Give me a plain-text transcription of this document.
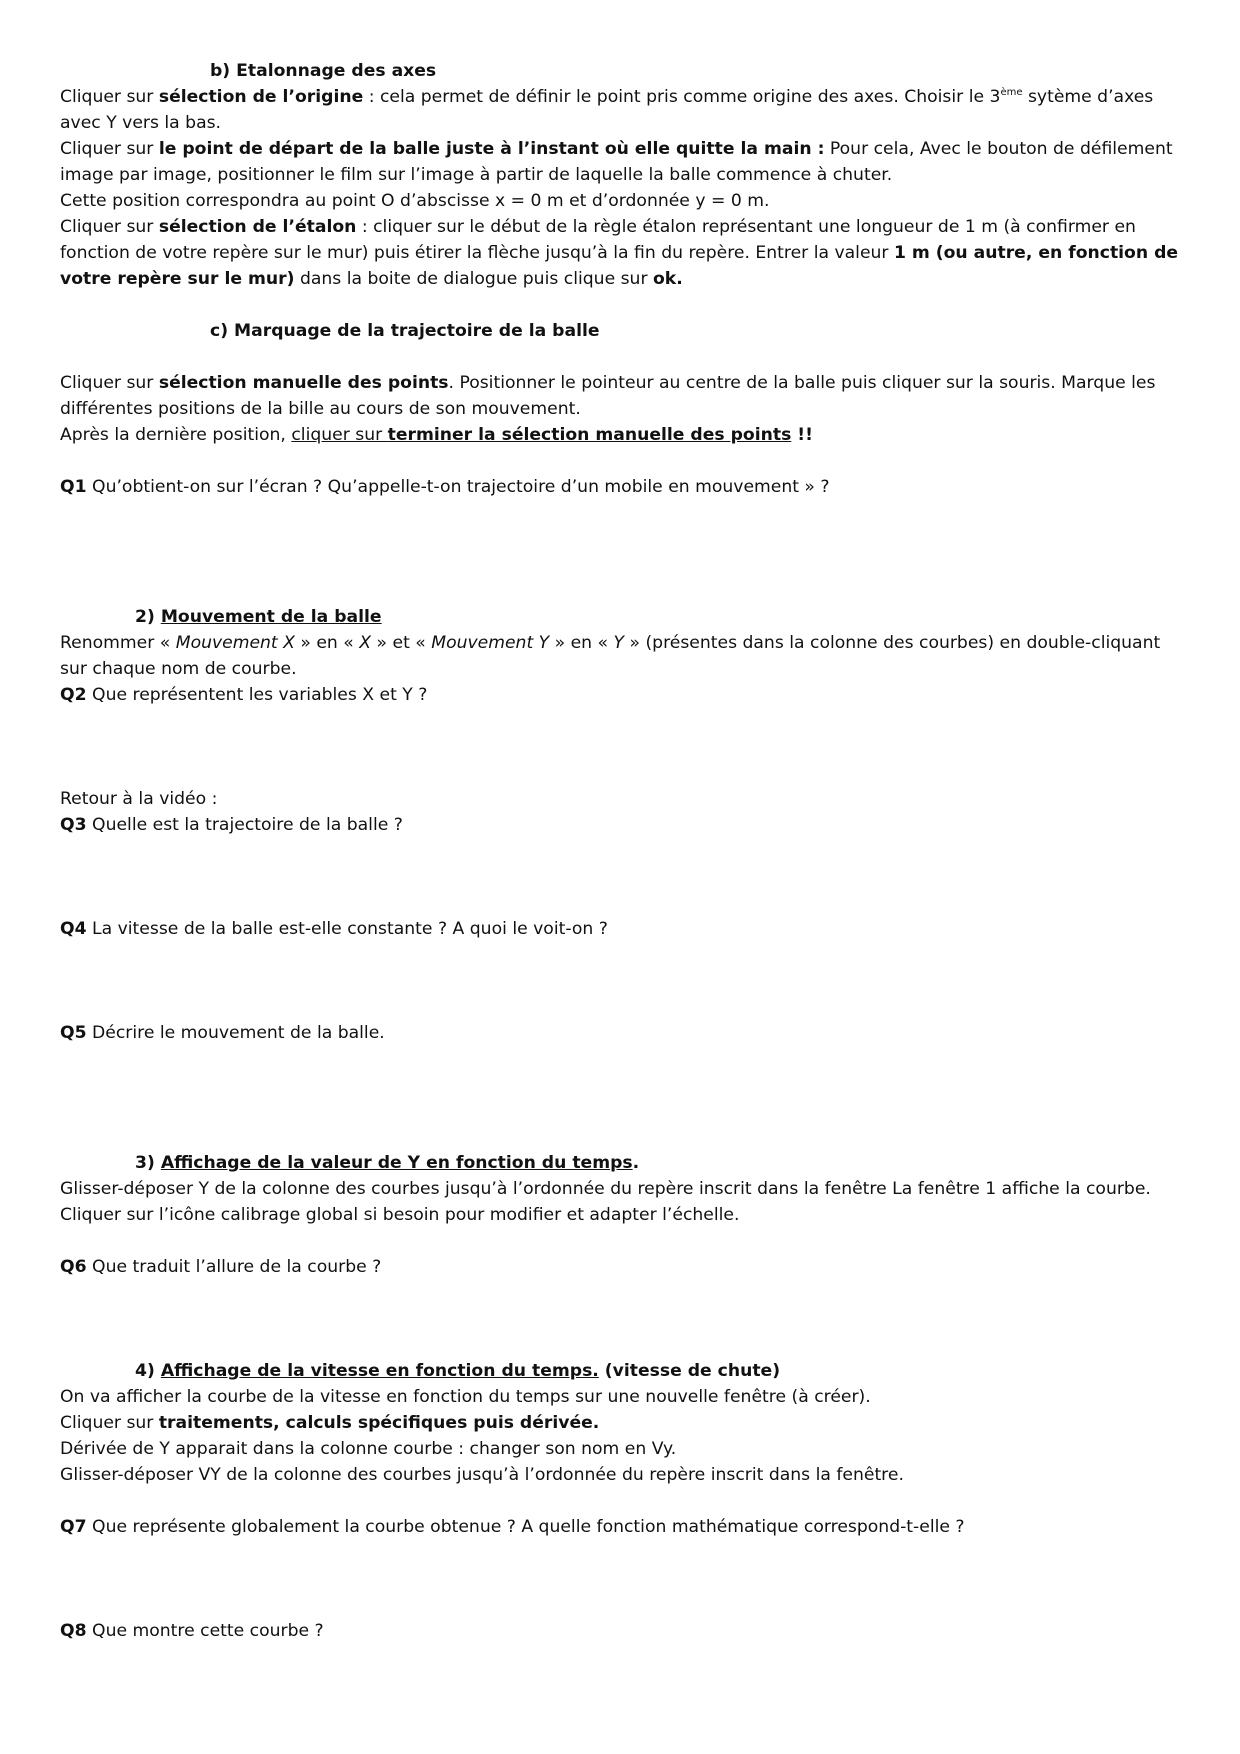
b) Etalonnage des axes

Cliquer sur sélection de l’origine : cela permet de définir le point pris comme origine des axes. Choisir le 3ème sytème d’axes avec Y vers la bas.

Cliquer sur le point de départ de la balle juste à l’instant où elle quitte la main : Pour cela, Avec le bouton de défilement image par image, positionner le film sur l’image à partir de laquelle la balle commence à chuter.

Cette position correspondra au point O d’abscisse x = 0 m et d’ordonnée y = 0 m.

Cliquer sur sélection de l’étalon : cliquer sur le début de la règle étalon représentant une longueur de 1 m (à confirmer en fonction de votre repère sur le mur) puis étirer la flèche jusqu’à la fin du repère. Entrer la valeur 1 m (ou autre, en fonction de votre repère sur le mur) dans la boite de dialogue puis clique sur ok.

c) Marquage de la trajectoire de la balle

Cliquer sur sélection manuelle des points. Positionner le pointeur au centre de la balle puis cliquer sur la souris. Marque les différentes positions de la bille au cours de son mouvement.

Après la dernière position, cliquer sur terminer la sélection manuelle des points !!

Q1 Qu’obtient-on sur l’écran ? Qu’appelle-t-on trajectoire d’un mobile en mouvement » ?

2) Mouvement de la balle

Renommer « Mouvement X » en « X » et « Mouvement Y » en « Y » (présentes dans la colonne des courbes) en double-cliquant sur chaque nom de courbe.

Q2 Que représentent les variables X et Y ?

Retour à la vidéo :

Q3 Quelle est la trajectoire de la balle ?

Q4 La vitesse de la balle est-elle constante ? A quoi le voit-on ?

Q5 Décrire le mouvement de la balle.

3) Affichage de la valeur de Y en fonction du temps.

Glisser-déposer Y de la colonne des courbes jusqu’à l’ordonnée du repère inscrit dans la fenêtre La fenêtre 1 affiche la courbe.

Cliquer sur l’icône calibrage global si besoin pour modifier et adapter l’échelle.

Q6 Que traduit l’allure de la courbe ?

4) Affichage de la vitesse en fonction du temps. (vitesse de chute)

On va afficher la courbe de la vitesse en fonction du temps sur une nouvelle fenêtre (à créer).

Cliquer sur traitements, calculs spécifiques puis dérivée.

Dérivée de Y apparait dans la colonne courbe : changer son nom en Vy.

Glisser-déposer VY de la colonne des courbes jusqu’à l’ordonnée du repère inscrit dans la fenêtre.

Q7 Que représente globalement la courbe obtenue ? A quelle fonction mathématique correspond-t-elle ?

Q8 Que montre cette courbe ?
